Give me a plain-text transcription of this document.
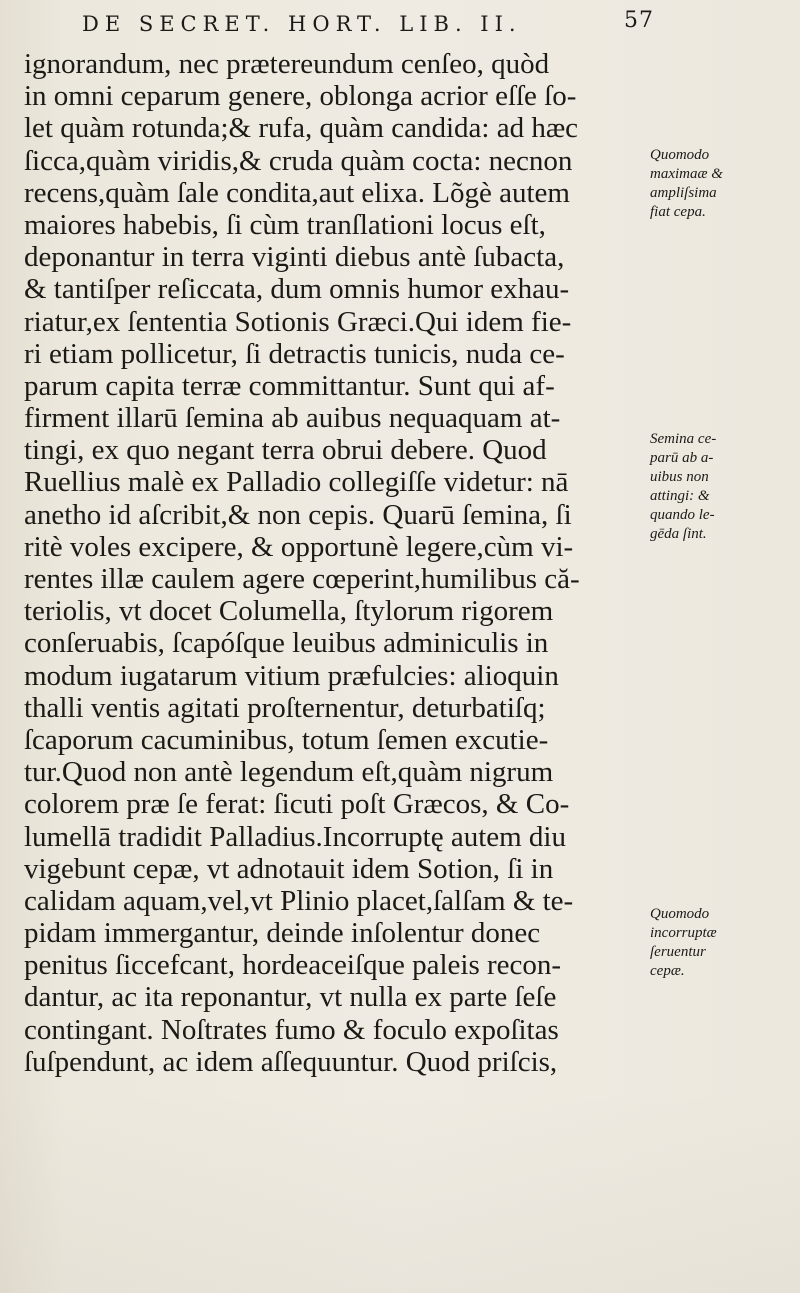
DE SECRET. HORT. LIB. II.	57
ignorandum, nec prætereundum cenſeo, quòd
in omni ceparum genere, oblonga acrior eſſe ſo-
let quàm rotunda;& rufa, quàm candida: ad hæc
ſicca,quàm viridis,& cruda quàm cocta: necnon
recens,quàm ſale condita,aut elixa. Lõgè autem
maiores habebis, ſi cùm tranſlationi locus eſt,
deponantur in terra viginti diebus antè ſubacta,
& tantiſper reſiccata, dum omnis humor exhau-
riatur,ex ſententia Sotionis Græci.Qui idem fie-
ri etiam pollicetur, ſi detractis tunicis, nuda ce-
parum capita terræ committantur. Sunt qui af-
firment illarū ſemina ab auibus nequaquam at-
tingi, ex quo negant terra obrui debere. Quod
Ruellius malè ex Palladio collegiſſe videtur: nā
anetho id aſcribit,& non cepis. Quarū ſemina, ſi
ritè voles excipere, & opportunè legere,cùm vi-
rentes illæ caulem agere cœperint,humilibus că-
teriolis, vt docet Columella, ſtylorum rigorem
conſeruabis, ſcapóſque leuibus adminiculis in
modum iugatarum vitium præfulcies: alioquin
thalli ventis agitati proſternentur, deturbatiſq;
ſcaporum cacuminibus, totum ſemen excutie-
tur.Quod non antè legendum eſt,quàm nigrum
colorem præ ſe ferat: ſicuti poſt Græcos, & Co-
lumellā tradidit Palladius.Incorruptę autem diu
vigebunt cepæ, vt adnotauit idem Sotion, ſi in
calidam aquam,vel,vt Plinio placet,ſalſam & te-
pidam immergantur, deinde inſolentur donec
penitus ſiccefcant, hordeaceiſque paleis recon-
dantur, ac ita reponantur, vt nulla ex parte ſeſe
contingant. Noſtrates fumo & foculo expoſitas
ſuſpendunt, ac idem aſſequuntur. Quod priſcis,
Quomodo
maximaæ &
ampliſsima
fiat cepa.
Semina ce-
parū ab a-
uibus non
attingi: &
quando le-
gēda ſint.
Quomodo
incorruptæ
ſeruentur
cepæ.
